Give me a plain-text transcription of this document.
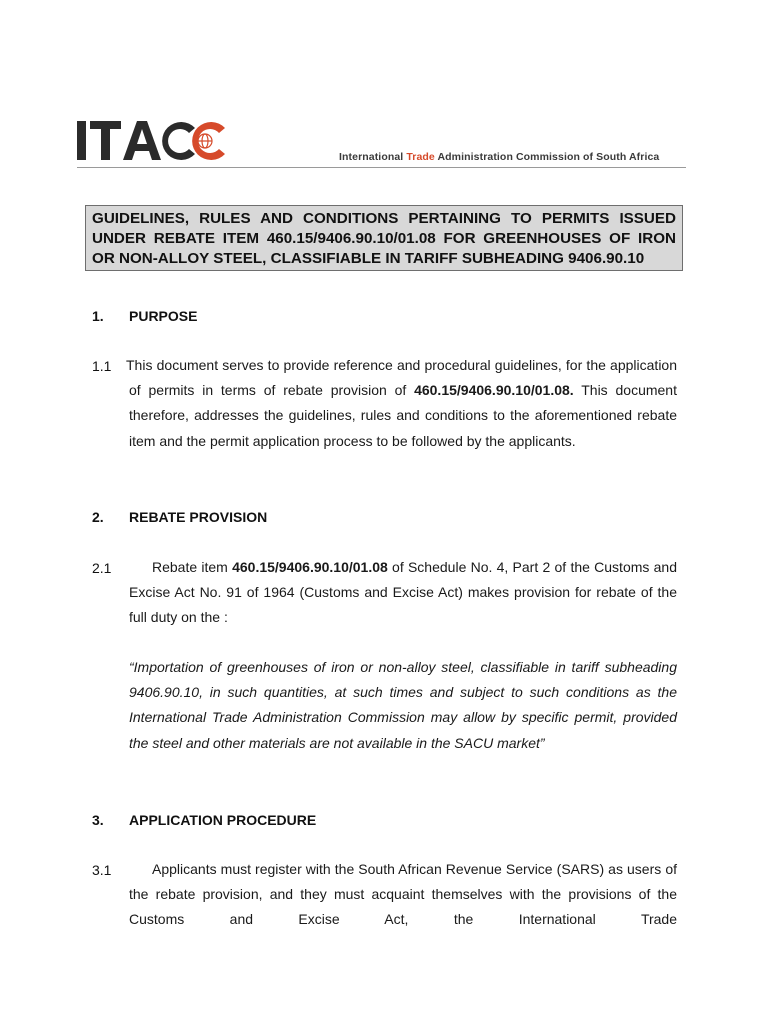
International Trade Administration Commission of South Africa
GUIDELINES, RULES AND CONDITIONS PERTAINING TO PERMITS ISSUED UNDER REBATE ITEM 460.15/9406.90.10/01.08 FOR GREENHOUSES OF IRON OR NON-ALLOY STEEL, CLASSIFIABLE IN TARIFF SUBHEADING 9406.90.10
1. PURPOSE
1.1 This document serves to provide reference and procedural guidelines, for the application of permits in terms of rebate provision of 460.15/9406.90.10/01.08. This document therefore, addresses the guidelines, rules and conditions to the aforementioned rebate item and the permit application process to be followed by the applicants.
2. REBATE PROVISION
2.1	Rebate item 460.15/9406.90.10/01.08 of Schedule No. 4, Part 2 of the Customs and Excise Act No. 91 of 1964 (Customs and Excise Act) makes provision for rebate of the full duty on the :
“Importation of greenhouses of iron or non-alloy steel, classifiable in tariff subheading 9406.90.10, in such quantities, at such times and subject to such conditions as the International Trade Administration Commission may allow by specific permit, provided the steel and other materials are not available in the SACU market”
3. APPLICATION PROCEDURE
3.1	Applicants must register with the South African Revenue Service (SARS) as users of the rebate provision, and they must acquaint themselves with the provisions of the Customs and Excise Act, the International Trade
